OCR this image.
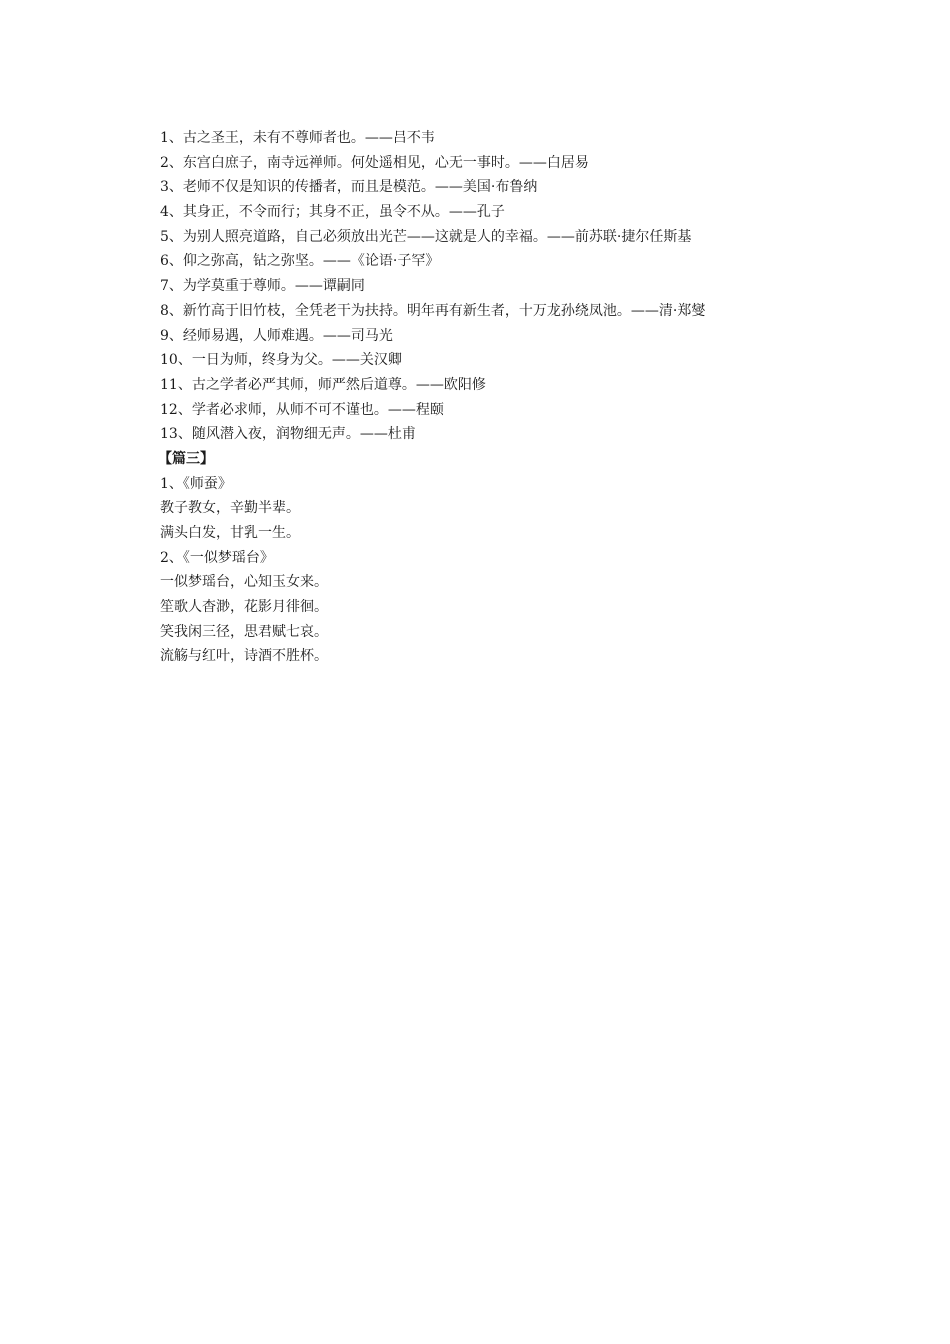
1、古之圣王，未有不尊师者也。——吕不韦
2、东宫白庶子，南寺远禅师。何处遥相见，心无一事时。——白居易
3、老师不仅是知识的传播者，而且是模范。——美国·布鲁纳
4、其身正，不令而行；其身不正，虽令不从。——孔子
5、为别人照亮道路，自己必须放出光芒——这就是人的幸福。——前苏联·捷尔任斯基
6、仰之弥高，钻之弥坚。——《论语·子罕》
7、为学莫重于尊师。——谭嗣同
8、新竹高于旧竹枝，全凭老干为扶持。明年再有新生者，十万龙孙绕凤池。——清·郑燮
9、经师易遇，人师难遇。——司马光
10、一日为师，终身为父。——关汉卿
11、古之学者必严其师，师严然后道尊。——欧阳修
12、学者必求师，从师不可不谨也。——程颐
13、随风潜入夜，润物细无声。——杜甫
【篇三】
1、《师蚕》
教子教女，辛勤半辈。
满头白发，甘乳一生。
2、《一似梦瑶台》
一似梦瑶台，心知玉女来。
笙歌人杳渺，花影月徘徊。
笑我闲三径，思君赋七哀。
流觞与红叶，诗酒不胜杯。
